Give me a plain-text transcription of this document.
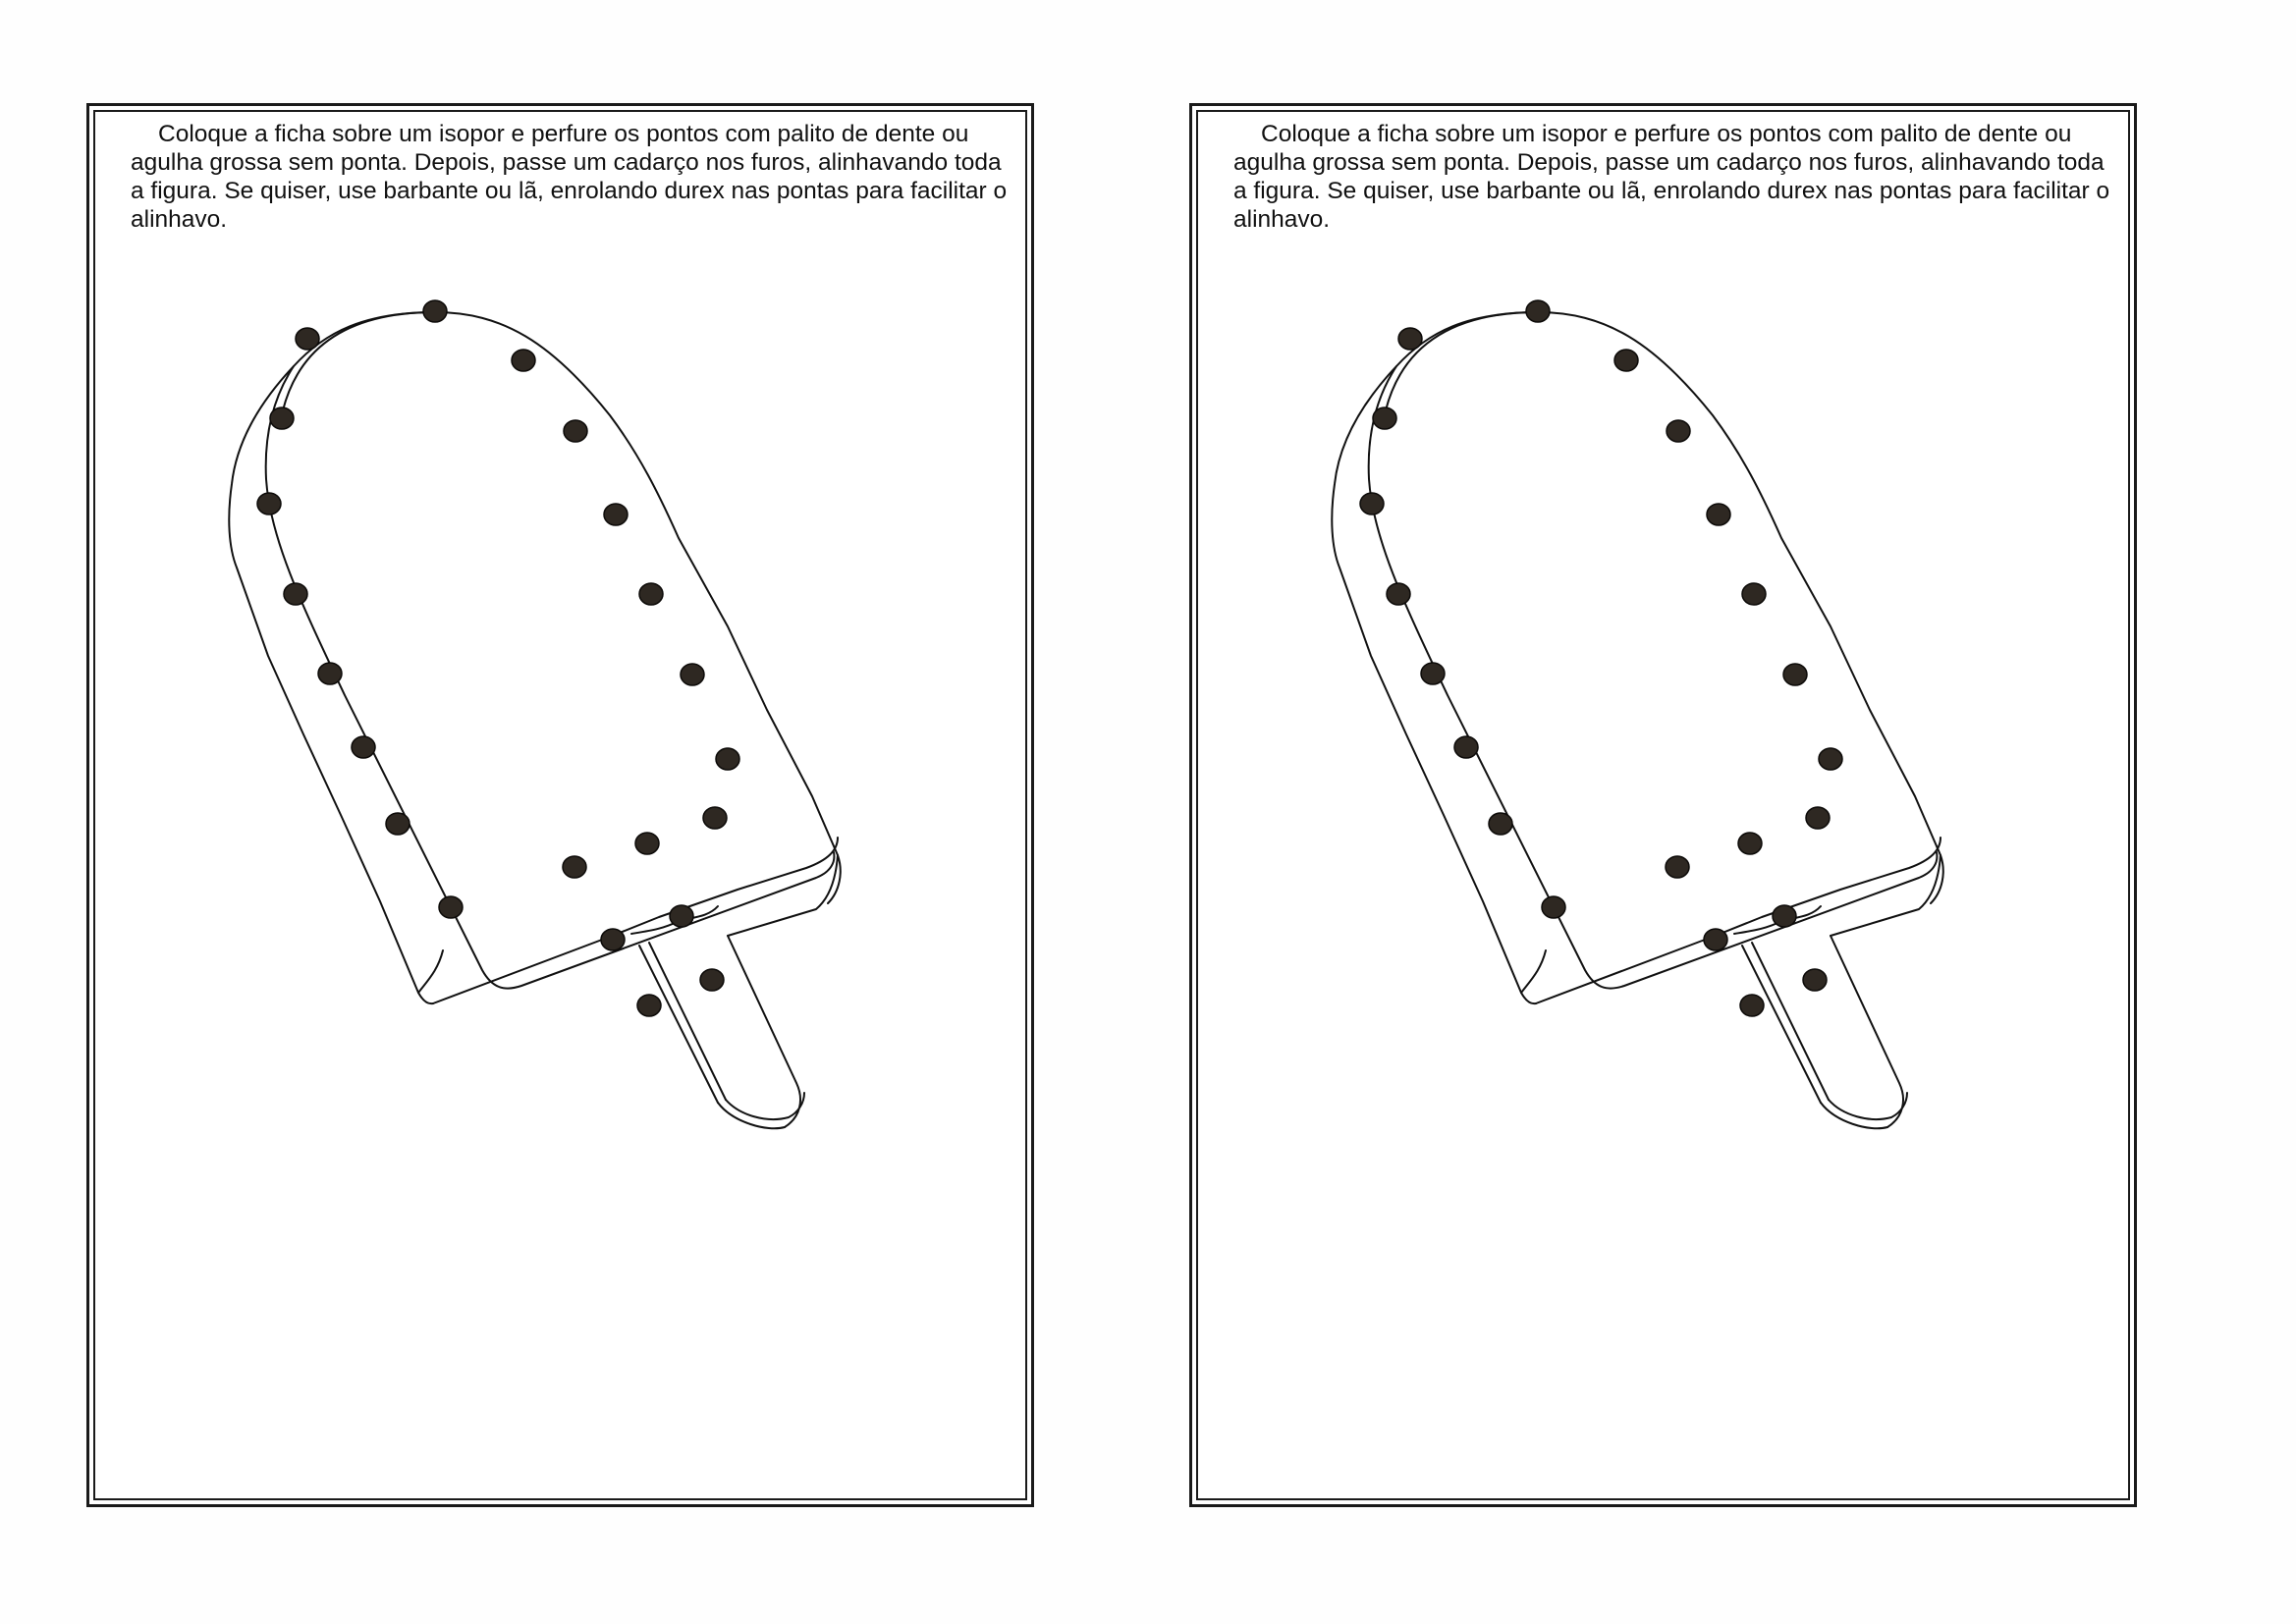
Coloque a ficha sobre um isopor e perfure os pontos com palito de dente ou agulha grossa sem ponta. Depois, passe um cadarço nos furos, alinhavando toda a figura. Se quiser, use barbante ou lã, enrolando durex nas pontas para facilitar o alinhavo.

Coloque a ficha sobre um isopor e perfure os pontos com palito de dente ou agulha grossa sem ponta. Depois, passe um cadarço nos furos, alinhavando toda a figura. Se quiser, use barbante ou lã, enrolando durex nas pontas para facilitar o alinhavo.
